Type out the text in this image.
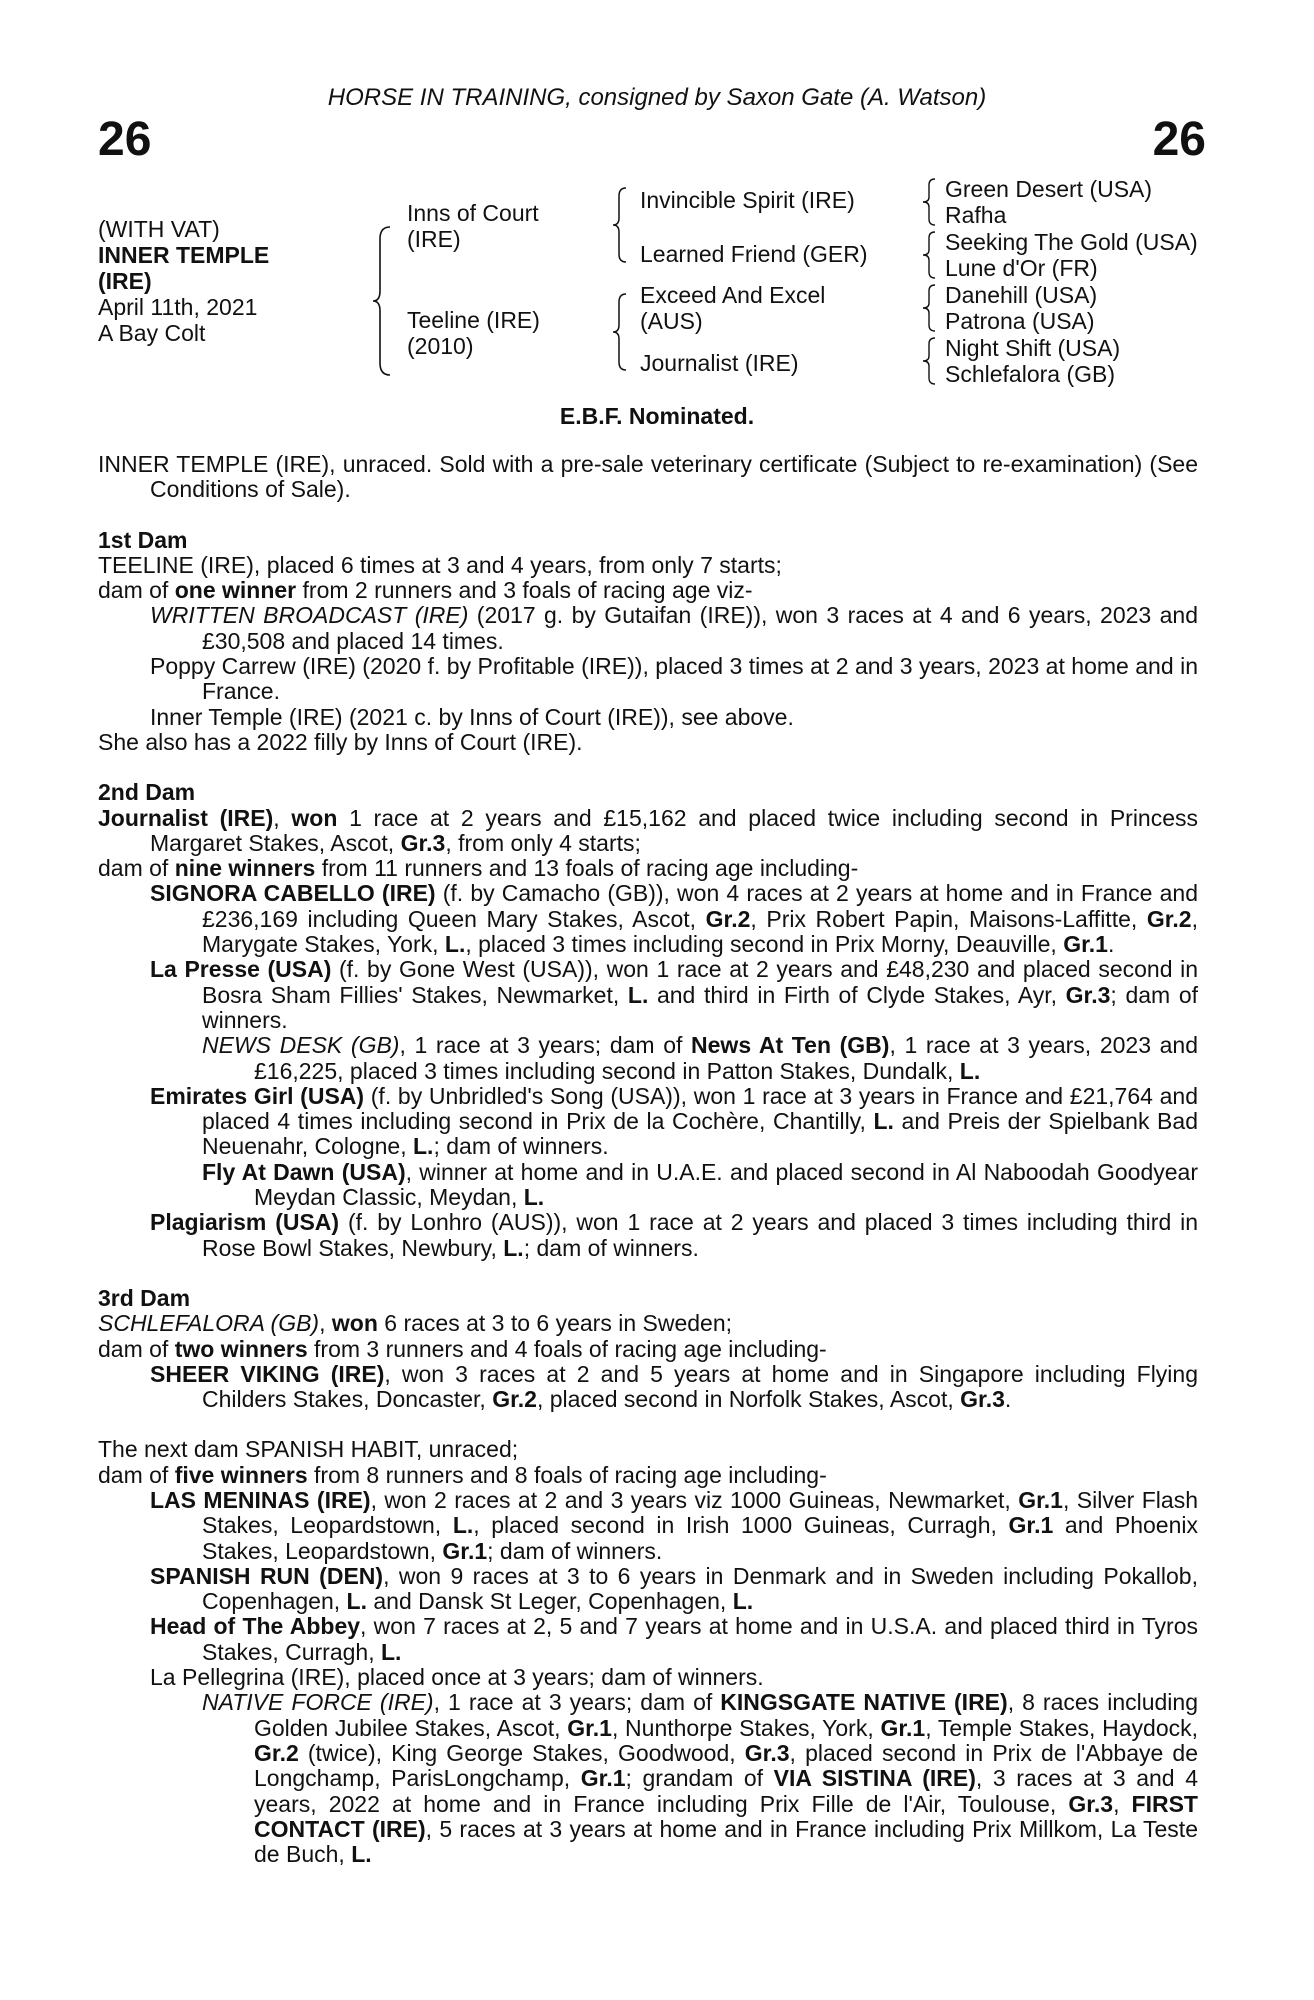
HORSE IN TRAINING, consigned by Saxon Gate (A. Watson)
26	26
(WITH VAT)
INNER TEMPLE
(IRE)
April 11th, 2021
A Bay Colt
Inns of Court
(IRE)
Teeline (IRE)
(2010)
Invincible Spirit (IRE)
Learned Friend (GER)
Exceed And Excel
(AUS)
Journalist (IRE)
Green Desert (USA)
Rafha
Seeking The Gold (USA)
Lune d'Or (FR)
Danehill (USA)
Patrona (USA)
Night Shift (USA)
Schlefalora (GB)
E.B.F. Nominated.

INNER TEMPLE (IRE), unraced. Sold with a pre-sale veterinary certificate (Subject to re-examination) (See Conditions of Sale).

1st Dam

TEELINE (IRE), placed 6 times at 3 and 4 years, from only 7 starts;

dam of one winner from 2 runners and 3 foals of racing age viz-

WRITTEN BROADCAST (IRE) (2017 g. by Gutaifan (IRE)), won 3 races at 4 and 6 years, 2023 and £30,508 and placed 14 times.

Poppy Carrew (IRE) (2020 f. by Profitable (IRE)), placed 3 times at 2 and 3 years, 2023 at home and in France.

Inner Temple (IRE) (2021 c. by Inns of Court (IRE)), see above.

She also has a 2022 filly by Inns of Court (IRE).

2nd Dam

Journalist (IRE), won 1 race at 2 years and £15,162 and placed twice including second in Princess Margaret Stakes, Ascot, Gr.3, from only 4 starts;

dam of nine winners from 11 runners and 13 foals of racing age including-

SIGNORA CABELLO (IRE) (f. by Camacho (GB)), won 4 races at 2 years at home and in France and £236,169 including Queen Mary Stakes, Ascot, Gr.2, Prix Robert Papin, Maisons-Laffitte, Gr.2, Marygate Stakes, York, L., placed 3 times including second in Prix Morny, Deauville, Gr.1.

La Presse (USA) (f. by Gone West (USA)), won 1 race at 2 years and £48,230 and placed second in Bosra Sham Fillies' Stakes, Newmarket, L. and third in Firth of Clyde Stakes, Ayr, Gr.3; dam of winners.

NEWS DESK (GB), 1 race at 3 years; dam of News At Ten (GB), 1 race at 3 years, 2023 and £16,225, placed 3 times including second in Patton Stakes, Dundalk, L.

Emirates Girl (USA) (f. by Unbridled's Song (USA)), won 1 race at 3 years in France and £21,764 and placed 4 times including second in Prix de la Cochère, Chantilly, L. and Preis der Spielbank Bad Neuenahr, Cologne, L.; dam of winners.

Fly At Dawn (USA), winner at home and in U.A.E. and placed second in Al Naboodah Goodyear Meydan Classic, Meydan, L.

Plagiarism (USA) (f. by Lonhro (AUS)), won 1 race at 2 years and placed 3 times including third in Rose Bowl Stakes, Newbury, L.; dam of winners.

3rd Dam

SCHLEFALORA (GB), won 6 races at 3 to 6 years in Sweden;

dam of two winners from 3 runners and 4 foals of racing age including-

SHEER VIKING (IRE), won 3 races at 2 and 5 years at home and in Singapore including Flying Childers Stakes, Doncaster, Gr.2, placed second in Norfolk Stakes, Ascot, Gr.3.

The next dam SPANISH HABIT, unraced;

dam of five winners from 8 runners and 8 foals of racing age including-

LAS MENINAS (IRE), won 2 races at 2 and 3 years viz 1000 Guineas, Newmarket, Gr.1, Silver Flash Stakes, Leopardstown, L., placed second in Irish 1000 Guineas, Curragh, Gr.1 and Phoenix Stakes, Leopardstown, Gr.1; dam of winners.

SPANISH RUN (DEN), won 9 races at 3 to 6 years in Denmark and in Sweden including Pokallob, Copenhagen, L. and Dansk St Leger, Copenhagen, L.

Head of The Abbey, won 7 races at 2, 5 and 7 years at home and in U.S.A. and placed third in Tyros Stakes, Curragh, L.

La Pellegrina (IRE), placed once at 3 years; dam of winners.

NATIVE FORCE (IRE), 1 race at 3 years; dam of KINGSGATE NATIVE (IRE), 8 races including Golden Jubilee Stakes, Ascot, Gr.1, Nunthorpe Stakes, York, Gr.1, Temple Stakes, Haydock, Gr.2 (twice), King George Stakes, Goodwood, Gr.3, placed second in Prix de l'Abbaye de Longchamp, ParisLongchamp, Gr.1; grandam of VIA SISTINA (IRE), 3 races at 3 and 4 years, 2022 at home and in France including Prix Fille de l'Air, Toulouse, Gr.3, FIRST CONTACT (IRE), 5 races at 3 years at home and in France including Prix Millkom, La Teste de Buch, L.
